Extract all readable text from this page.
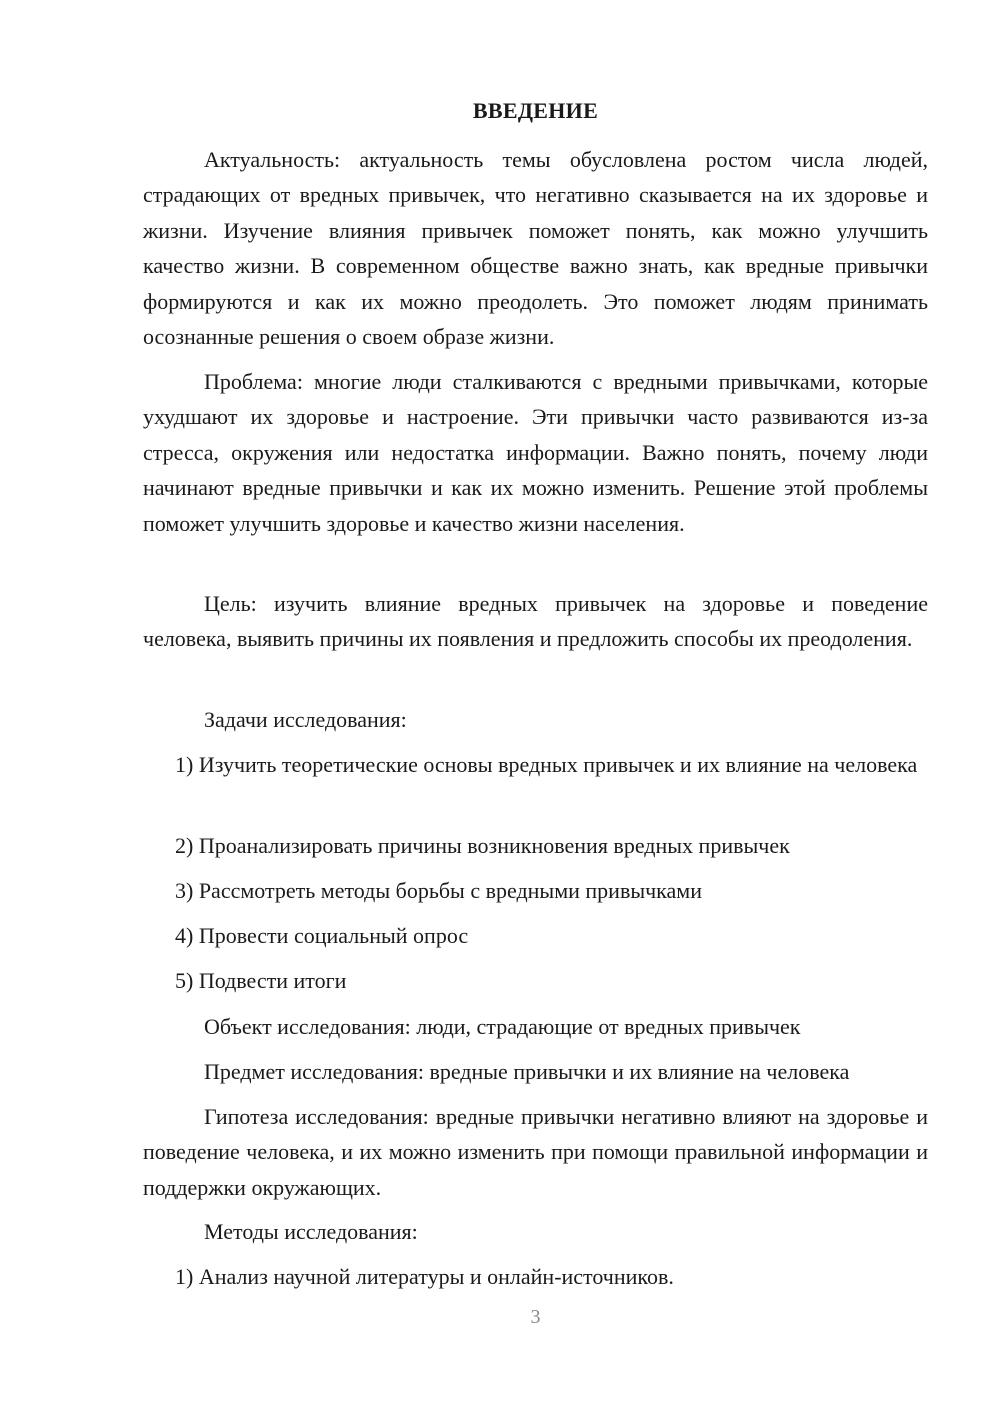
ВВЕДЕНИЕ

Актуальность: актуальность темы обусловлена ростом числа людей, страдающих от вредных привычек, что негативно сказывается на их здоровье и жизни. Изучение влияния привычек поможет понять, как можно улучшить качество жизни. В современном обществе важно знать, как вредные привычки формируются и как их можно преодолеть. Это поможет людям принимать осознанные решения о своем образе жизни.

Проблема: многие люди сталкиваются с вредными привычками, которые ухудшают их здоровье и настроение. Эти привычки часто развиваются из-за стресса, окружения или недостатка информации. Важно понять, почему люди начинают вредные привычки и как их можно изменить. Решение этой проблемы поможет улучшить здоровье и качество жизни населения.

Цель: изучить влияние вредных привычек на здоровье и поведение человека, выявить причины их появления и предложить способы их преодоления.

Задачи исследования:

1) Изучить теоретические основы вредных привычек и их влияние на человека

2) Проанализировать причины возникновения вредных привычек
3) Рассмотреть методы борьбы с вредными привычками
4) Провести социальный опрос
5) Подвести итоги
Объект исследования: люди, страдающие от вредных привычек
Предмет исследования: вредные привычки и их влияние на человека

Гипотеза исследования: вредные привычки негативно влияют на здоровье и поведение человека, и их можно изменить при помощи правильной информации и поддержки окружающих.

Методы исследования:
1) Анализ научной литературы и онлайн-источников.
3
